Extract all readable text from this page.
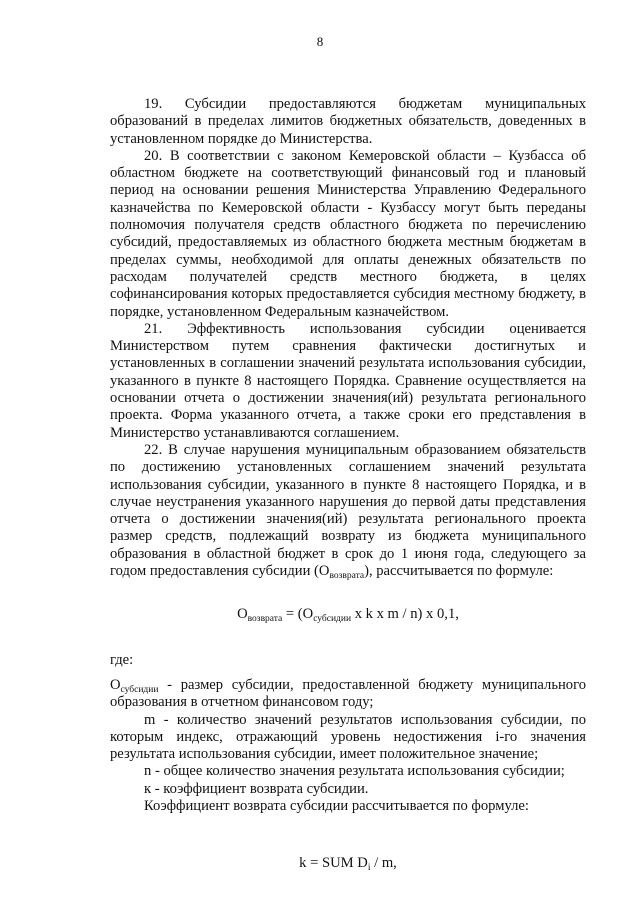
8

19. Субсидии предоставляются бюджетам муниципальных образований в пределах лимитов бюджетных обязательств, доведенных в установленном порядке до Министерства.

20. В соответствии с законом Кемеровской области – Кузбасса об областном бюджете на соответствующий финансовый год и плановый период на основании решения Министерства Управлению Федерального казначейства по Кемеровской области - Кузбассу могут быть переданы полномочия получателя средств областного бюджета по перечислению субсидий, предоставляемых из областного бюджета местным бюджетам в пределах суммы, необходимой для оплаты денежных обязательств по расходам получателей средств местного бюджета, в целях софинансирования которых предоставляется субсидия местному бюджету, в порядке, установленном Федеральным казначейством.

21. Эффективность использования субсидии оценивается Министерством путем сравнения фактически достигнутых и установленных в соглашении значений результата использования субсидии, указанного в пункте 8 настоящего Порядка. Сравнение осуществляется на основании отчета о достижении значения(ий) результата регионального проекта. Форма указанного отчета, а также сроки его представления в Министерство устанавливаются соглашением.

22. В случае нарушения муниципальным образованием обязательств по достижению установленных соглашением значений результата использования субсидии, указанного в пункте 8 настоящего Порядка, и в случае неустранения указанного нарушения до первой даты представления отчета о достижении значения(ий) результата регионального проекта размер средств, подлежащий возврату из бюджета муниципального образования в областной бюджет в срок до 1 июня года, следующего за годом предоставления субсидии $(О_{возврата})$, рассчитывается по формуле:

$О_{возврата} = (О_{субсидии}$ х k х m / n) х 0,1,

где:

$О_{субсидии}$ - размер субсидии, предоставленной бюджету муниципального образования в отчетном финансовом году;

m - количество значений результатов использования субсидии, по которым индекс, отражающий уровень недостижения i-го значения результата использования субсидии, имеет положительное значение;

n - общее количество значения результата использования субсидии;

к - коэффициент возврата субсидии.

Коэффициент возврата субсидии рассчитывается по формуле:

k = SUM $D_i$ / m,
